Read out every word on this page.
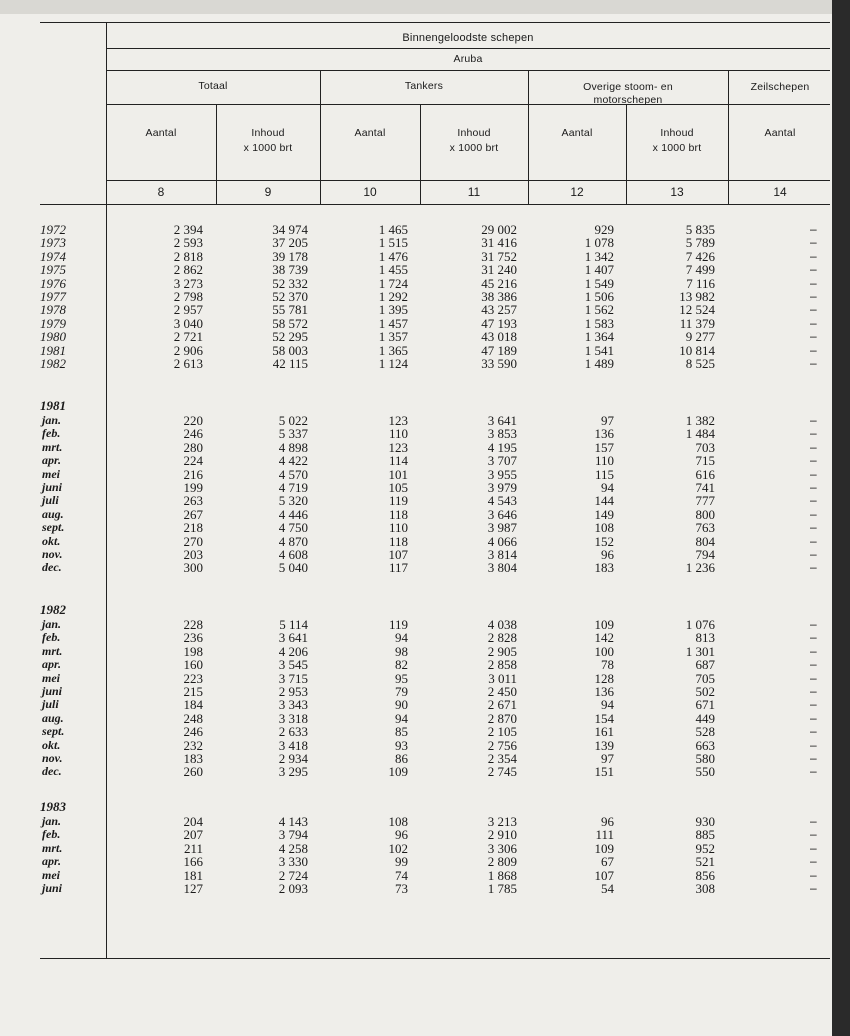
Binnengeloodste schepen
Aruba
Totaal	Tankers	Overige stoom- en
motorschepen
Zeilschepen
Aantal	Inhoud
x 1000 brt
Aantal	Inhoud
x 1000 brt
Aantal	Inhoud
x 1000 brt
Aantal
8	9	10	11	12	13	14
1972	2 394	34 974	1 465	29 002	929	5 835	–
1973	2 593	37 205	1 515	31 416	1 078	5 789	–
1974	2 818	39 178	1 476	31 752	1 342	7 426	–
1975	2 862	38 739	1 455	31 240	1 407	7 499	–
1976	3 273	52 332	1 724	45 216	1 549	7 116	–
1977	2 798	52 370	1 292	38 386	1 506	13 982	–
1978	2 957	55 781	1 395	43 257	1 562	12 524	–
1979	3 040	58 572	1 457	47 193	1 583	11 379	–
1980	2 721	52 295	1 357	43 018	1 364	9 277	–
1981	2 906	58 003	1 365	47 189	1 541	10 814	–
1982	2 613	42 115	1 124	33 590	1 489	8 525	–
1981
jan.	220	5 022	123	3 641	97	1 382	–
feb.	246	5 337	110	3 853	136	1 484	–
mrt.	280	4 898	123	4 195	157	703	–
apr.	224	4 422	114	3 707	110	715	–
mei	216	4 570	101	3 955	115	616	–
juni	199	4 719	105	3 979	94	741	–
juli	263	5 320	119	4 543	144	777	–
aug.	267	4 446	118	3 646	149	800	–
sept.	218	4 750	110	3 987	108	763	–
okt.	270	4 870	118	4 066	152	804	–
nov.	203	4 608	107	3 814	96	794	–
dec.	300	5 040	117	3 804	183	1 236	–
1982
jan.	228	5 114	119	4 038	109	1 076	–
feb.	236	3 641	94	2 828	142	813	–
mrt.	198	4 206	98	2 905	100	1 301	–
apr.	160	3 545	82	2 858	78	687	–
mei	223	3 715	95	3 011	128	705	–
juni	215	2 953	79	2 450	136	502	–
juli	184	3 343	90	2 671	94	671	–
aug.	248	3 318	94	2 870	154	449	–
sept.	246	2 633	85	2 105	161	528	–
okt.	232	3 418	93	2 756	139	663	–
nov.	183	2 934	86	2 354	97	580	–
dec.	260	3 295	109	2 745	151	550	–
1983
jan.	204	4 143	108	3 213	96	930	–
feb.	207	3 794	96	2 910	111	885	–
mrt.	211	4 258	102	3 306	109	952	–
apr.	166	3 330	99	2 809	67	521	–
mei	181	2 724	74	1 868	107	856	–
juni	127	2 093	73	1 785	54	308	–
